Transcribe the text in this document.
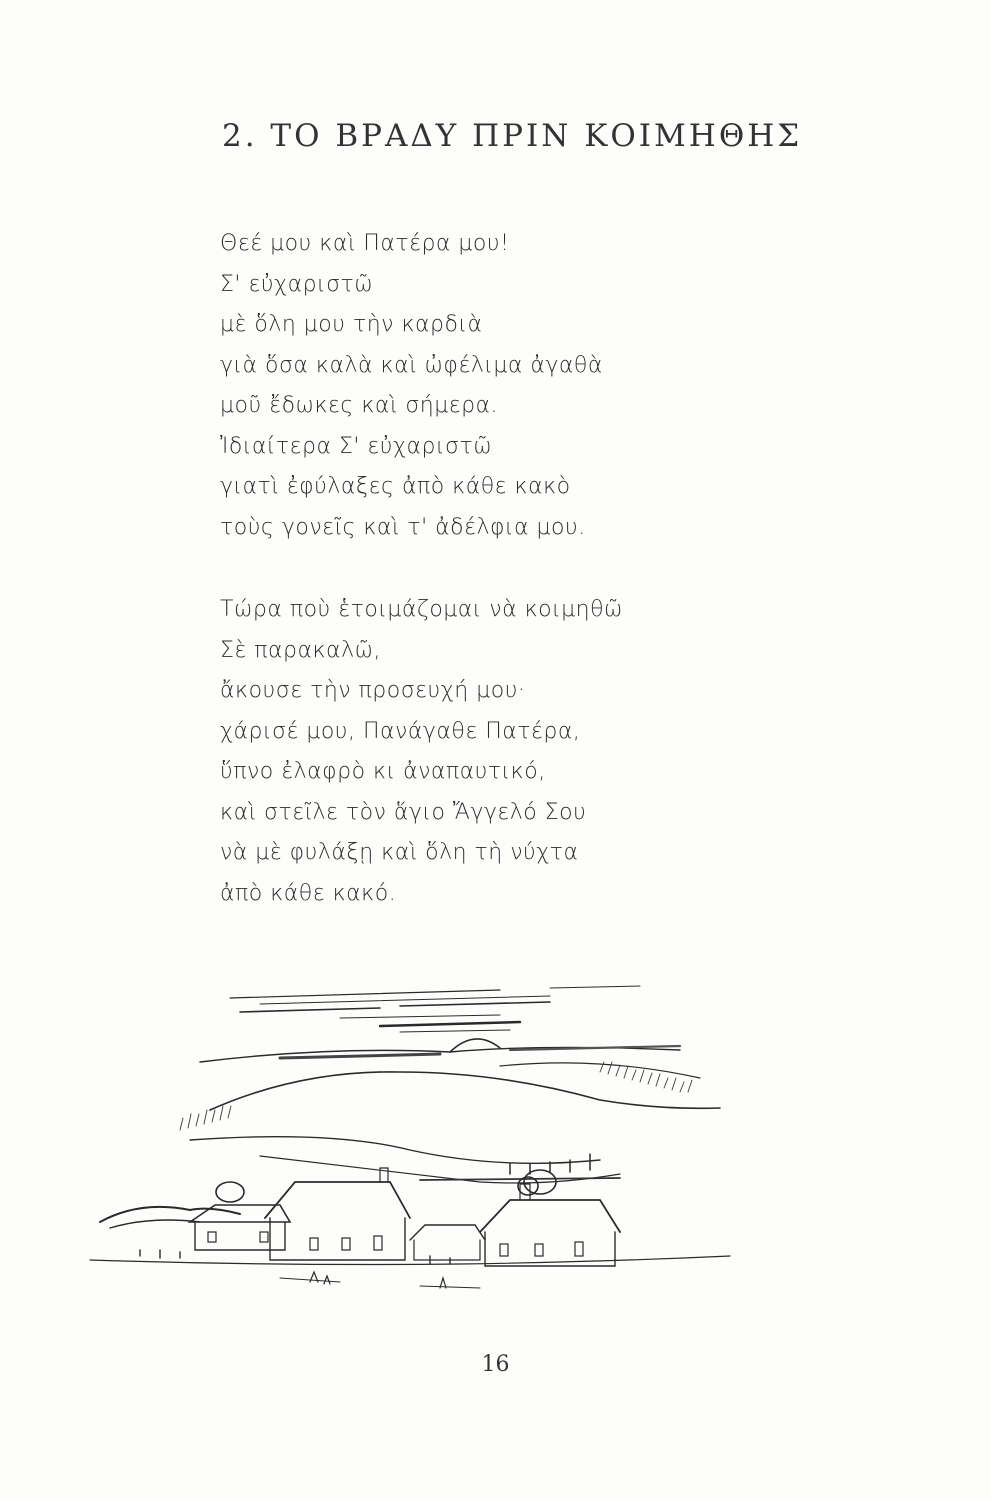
2. ΤΟ ΒΡΑΔΥ ΠΡΙΝ ΚΟΙΜΗΘΗΣ
Θεέ μου καὶ Πατέρα μου!
Σ' εὐχαριστῶ
μὲ ὅλη μου τὴν καρδιὰ
γιὰ ὅσα καλὰ καὶ ὠφέλιμα ἀγαθὰ
μοῦ ἔδωκες καὶ σήμερα.
Ἰδιαίτερα Σ' εὐχαριστῶ
γιατὶ ἐφύλαξες ἀπὸ κάθε κακὸ
τοὺς γονεῖς καὶ τ' ἀδέλφια μου.
Τώρα ποὺ ἑτοιμάζομαι νὰ κοιμηθῶ
Σὲ παρακαλῶ,
ἄκουσε τὴν προσευχή μου·
χάρισέ μου, Πανάγαθε Πατέρα,
ὕπνο ἐλαφρὸ κι ἀναπαυτικό,
καὶ στεῖλε τὸν ἅγιο Ἄγγελό Σου
νὰ μὲ φυλάξῃ καὶ ὅλη τὴ νύχτα
ἀπὸ κάθε κακό.
16
